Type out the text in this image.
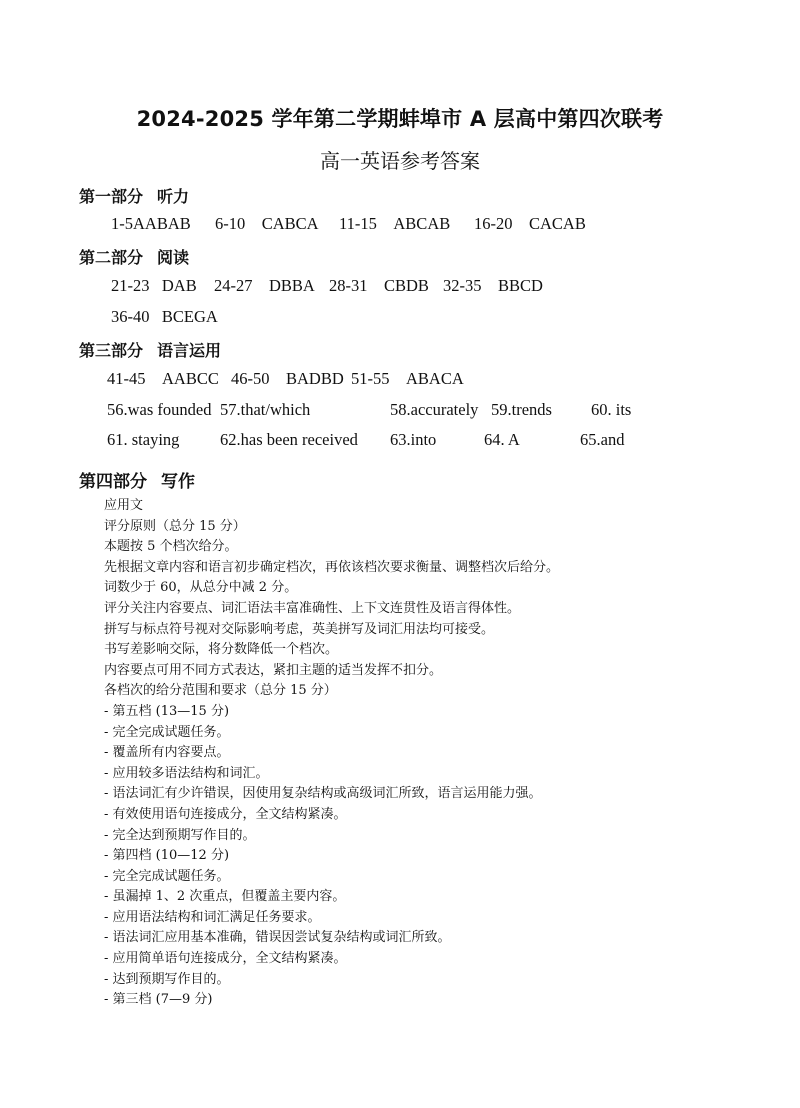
2024-2025 学年第二学期蚌埠市 A 层高中第四次联考
高一英语参考答案
第一部分 听力
1-5AABAB 6-10 CABCA 11-15 ABCAB 16-20 CACAB
第二部分 阅读
21-23 DAB 24-27 DBBA 28-31 CBDB 32-35 BBCD
36-40 BCEGA
第三部分 语言运用
41-45 AABCC 46-50 BADBD 51-55 ABACA
56.was founded 57.that/which	58.accurately 59.trends 60. its
61. staying 62.has been received 63.into	64. A	65.and
第四部分 写作
应用文
评分原则（总分 15 分）
本题按 5 个档次给分。
先根据文章内容和语言初步确定档次，再依该档次要求衡量、调整档次后给分。
词数少于 60，从总分中减 2 分。
评分关注内容要点、词汇语法丰富准确性、上下文连贯性及语言得体性。
拼写与标点符号视对交际影响考虑，英美拼写及词汇用法均可接受。
书写差影响交际，将分数降低一个档次。
内容要点可用不同方式表达，紧扣主题的适当发挥不扣分。
各档次的给分范围和要求（总分 15 分）
- 第五档 (13—15 分)
- 完全完成试题任务。
- 覆盖所有内容要点。
- 应用较多语法结构和词汇。
- 语法词汇有少许错误，因使用复杂结构或高级词汇所致，语言运用能力强。
- 有效使用语句连接成分，全文结构紧凑。
- 完全达到预期写作目的。
- 第四档 (10—12 分)
- 完全完成试题任务。
- 虽漏掉 1、2 次重点，但覆盖主要内容。
- 应用语法结构和词汇满足任务要求。
- 语法词汇应用基本准确，错误因尝试复杂结构或词汇所致。
- 应用简单语句连接成分，全文结构紧凑。
- 达到预期写作目的。
- 第三档 (7—9 分)
